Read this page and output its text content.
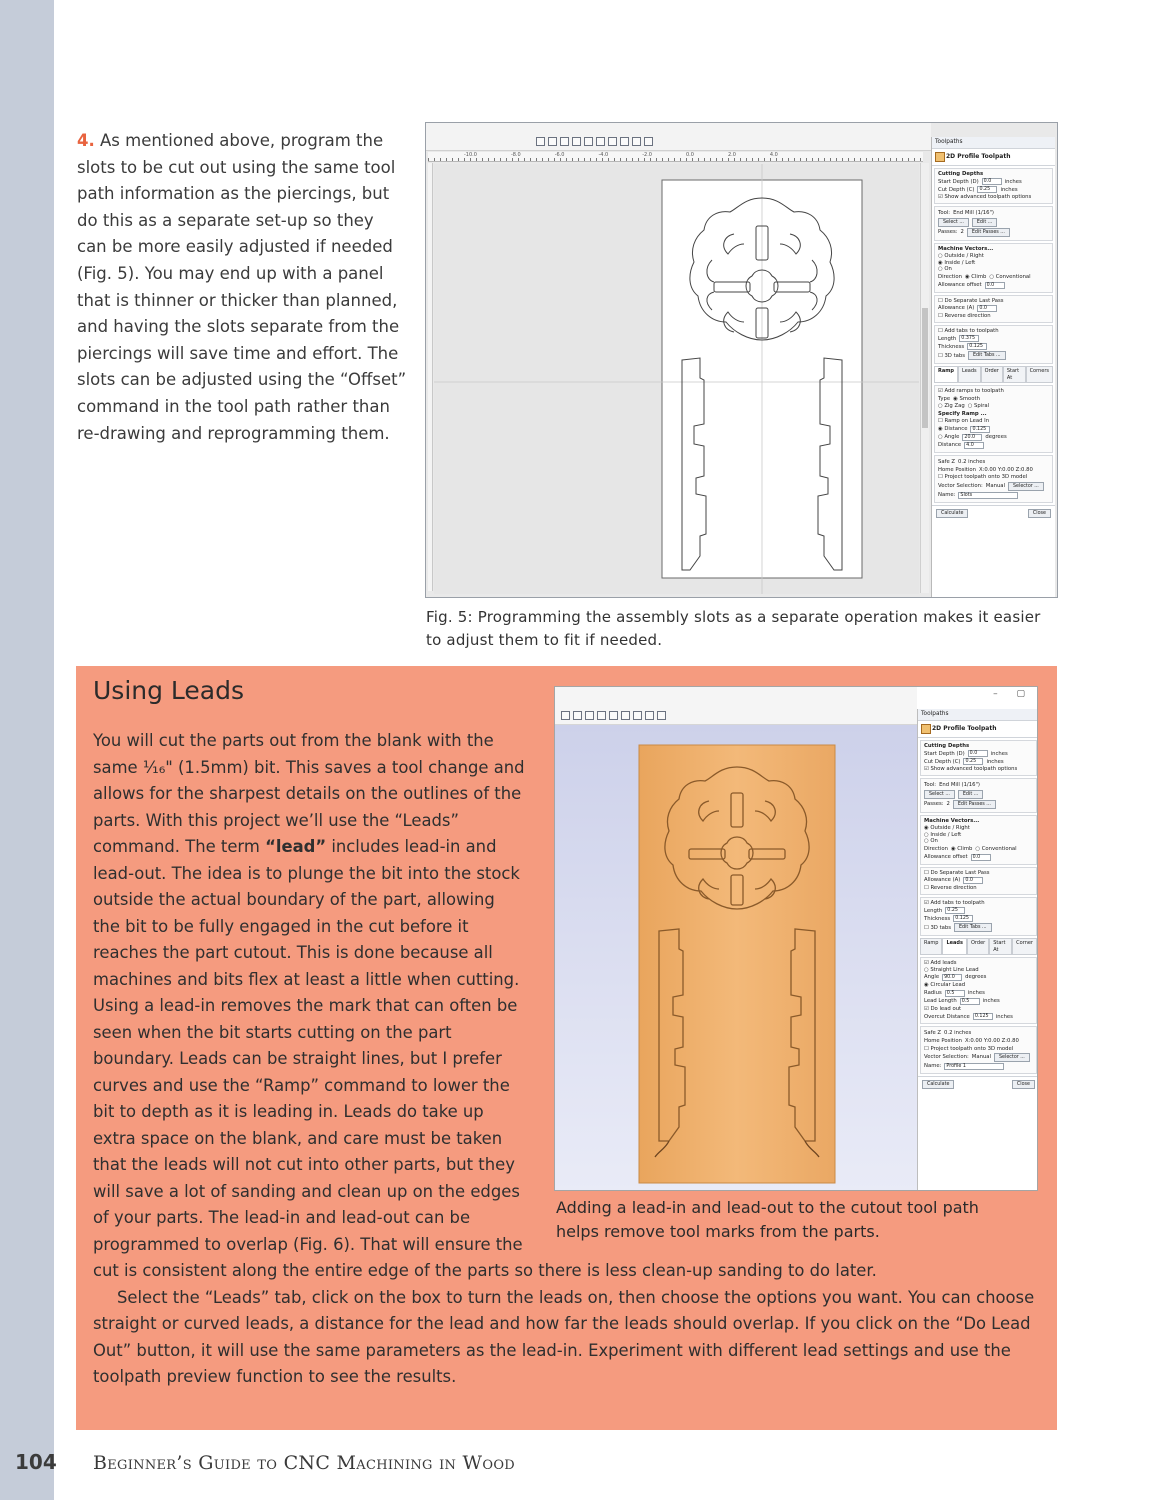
4. As mentioned above, program the slots to be cut out using the same tool path information as the piercings, but do this as a separate set-up so they can be more easily adjusted if needed (Fig. 5). You may end up with a panel that is thinner or thicker than planned, and having the slots separate from the piercings will save time and effort. The slots can be adjusted using the “Offset” command in the tool path rather than re-drawing and reprogramming them.
-10.0	-8.0	-6.0	-4.0	-2.0	0.0	2.0	4.0
Toolpaths
2D Profile Toolpath
Cutting Depths
Start Depth (D)	0.0	inches
Cut Depth (C)	0.25	inches
☑ Show advanced toolpath options
Tool: End Mill (1/16")
Select ...	Edit ...
Passes: 2	Edit Passes ...
Machine Vectors...
○ Outside / Right
◉ Inside / Left
○ On
Direction	◉ Climb	○ Conventional
Allowance offset	0.0
☐ Do Separate Last Pass
Allowance (A)	0.0
☐ Reverse direction
☐ Add tabs to toolpath
Length	0.375
Thickness	0.125
☐ 3D tabs	Edit Tabs ...
Ramp	Leads	Order	Start At
Corners
☑ Add ramps to toolpath
Type	◉ Smooth
○ Zig Zag	○ Spiral
Specify Ramp ...
☐ Ramp on Lead In
◉ Distance	0.125
○ Angle	20.0	degrees
Distance	4.0
Safe Z 0.2 inches
Home Position X:0.00 Y:0.00 Z:0.80
☐ Project toolpath onto 3D model
Vector Selection: Manual	Selector ...
Name:	Slots
Calculate	Close
Fig. 5: Programming the assembly slots as a separate operation makes it easier to adjust them to fit if needed.
Using Leads

You will cut the parts out from the blank with the same ⅟₁₆" (1.5mm) bit. This saves a tool change and allows for the sharpest details on the outlines of the parts. With this project we’ll use the “Leads” command. The term “lead” includes lead-in and lead-out. The idea is to plunge the bit into the stock outside the actual boundary of the part, allowing the bit to be fully engaged in the cut before it reaches the part cutout. This is done because all machines and bits flex at least a little when cutting. Using a lead-in removes the mark that can often be seen when the bit starts cutting on the part boundary. Leads can be straight lines, but I prefer curves and use the “Ramp” command to lower the bit to depth as it is leading in. Leads do take up extra space on the blank, and care must be taken that the leads will not cut into other parts, but they will save a lot of sanding and clean up on the edges of your parts. The lead-in and lead-out can be programmed to overlap (Fig. 6). That will ensure the cut is consistent along the entire edge of the parts so there is less clean-up sanding to do later.

Select the “Leads” tab, click on the box to turn the leads on, then choose the options you want. You can choose straight or curved leads, a distance for the lead and how far the leads should overlap. If you click on the “Do Lead Out” button, it will use the same parameters as the lead-in. Experiment with different lead settings and use the toolpath preview function to see the results.

– ▢
Toolpaths
2D Profile Toolpath
Cutting Depths
Start Depth (D)	0.0	inches
Cut Depth (C)	0.25	inches
☑ Show advanced toolpath options
Tool: End Mill (1/16")
Select ...	Edit ...
Passes: 2	Edit Passes ...
Machine Vectors...
◉ Outside / Right
○ Inside / Left
○ On
Direction	◉ Climb	○ Conventional
Allowance offset	0.0
☐ Do Separate Last Pass
Allowance (A)	0.0
☐ Reverse direction
☑ Add tabs to toolpath
Length	0.25
Thickness	0.125
☐ 3D tabs	Edit Tabs ...
Ramp	Leads	Order	Start At
Corner
☑ Add leads
○ Straight Line Lead
Angle	90.0	degrees
◉ Circular Lead
Radius	0.5	inches
Lead Length	0.5	inches
☑ Do lead out
Overcut Distance	0.125	inches
Safe Z 0.2 inches
Home Position X:0.00 Y:0.00 Z:0.80
☐ Project toolpath onto 3D model
Vector Selection: Manual	Selector ...
Name:	Profile 1
Calculate	Close
Adding a lead-in and lead-out to the cutout tool path helps remove tool marks from the parts.
104 Beginner’s Guide to CNC Machining in Wood
